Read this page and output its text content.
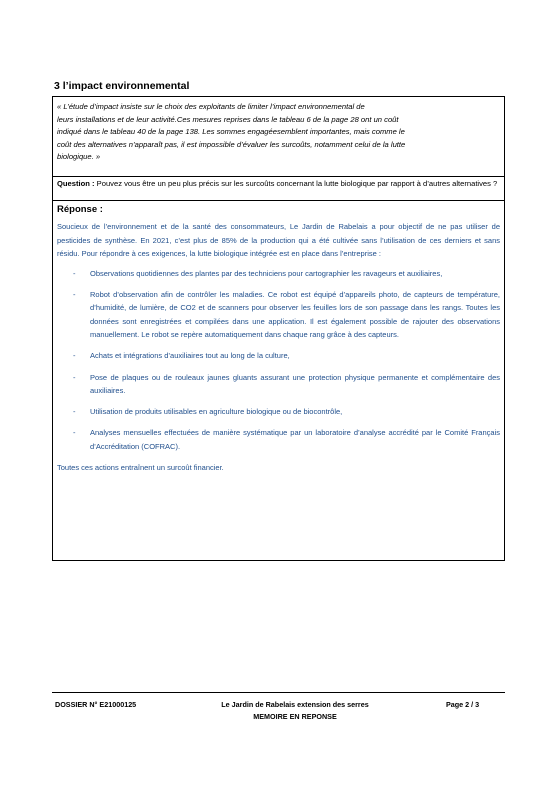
3 l’impact environnemental
« L’étude d’impact insiste sur le choix des exploitants de limiter l’impact environnemental de
leurs installations et de leur activité.Ces mesures reprises dans le tableau 6 de la page 28 ont un coût
indiqué dans le tableau 40 de la page 138. Les sommes engagéesemblent importantes, mais comme le
coût des alternatives n’apparaît pas, il est impossible d’évaluer les surcoûts, notamment celui de la lutte
biologique. »
Question : Pouvez vous être un peu plus précis sur les surcoûts concernant la lutte biologique par rapport à d’autres alternatives ?
Réponse :

Soucieux de l’environnement et de la santé des consommateurs, Le Jardin de Rabelais a pour objectif de ne pas utiliser de pesticides de synthèse. En 2021, c’est plus de 85% de la production qui a été cultivée sans l’utilisation de ces derniers et sans résidu. Pour répondre à ces exigences, la lutte biologique intégrée est en place dans l’entreprise :

- Observations quotidiennes des plantes par des techniciens pour cartographier les ravageurs et auxiliaires,
- Robot d’observation afin de contrôler les maladies. Ce robot est équipé d’appareils photo, de capteurs de température, d’humidité, de lumière, de CO2 et de scanners pour observer les feuilles lors de son passage dans les rangs. Toutes les données sont enregistrées et compilées dans une application. Il est également possible de rajouter des observations manuellement. Le robot se repère automatiquement dans chaque rang grâce à des capteurs.
- Achats et intégrations d’auxiliaires tout au long de la culture,
- Pose de plaques ou de rouleaux jaunes gluants assurant une protection physique permanente et complémentaire des auxiliaires.
- Utilisation de produits utilisables en agriculture biologique ou de biocontrôle,
- Analyses mensuelles effectuées de manière systématique par un laboratoire d’analyse accrédité par le Comité Français d’Accréditation (COFRAC).
Toutes ces actions entraînent un surcoût financier.
DOSSIER N° E21000125	Le Jardin de Rabelais extension des serres
MEMOIRE EN REPONSE
Page 2 / 3
